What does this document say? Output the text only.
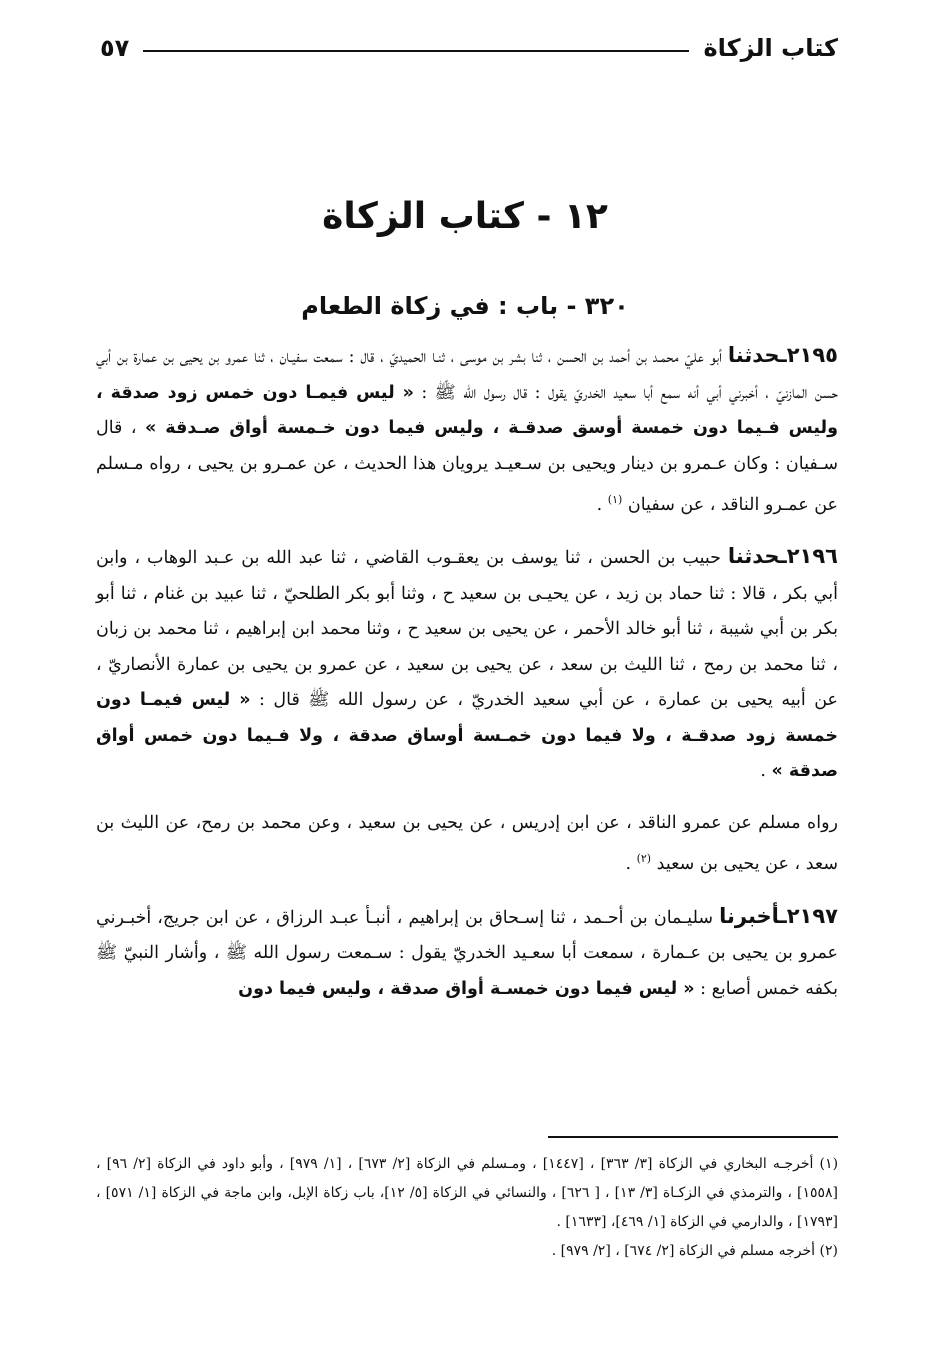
كتاب الزكاة
٥٧
١٢ - كتاب الزكاة
٣٢٠ - باب : في زكاة الطعام

٢١٩٥ـحدثنا أبو عليّ محمـد بن أحمد بن الحسن ، ثنا بشر بن موسى ، ثنـا الحميديّ ، قال : سمعت سفيـان ، ثنا عمرو بن يحيى بن عمارة بن أبي حسن المازنيّ ، أخبرني أبي أنه سمع أبا سعيد الخدريّ يقول : قال رسول الله ﷺ : « ليس فيمـا دون خمس زود صدقة ، وليس فـيما دون خمسة أوسق صدقـة ، وليس فيما دون خـمسة أواق صـدقة » ، قال سـفيان : وكان عـمرو بن دينار ويحيى بن سـعيـد يرويان هذا الحديث ، عن عمـرو بن يحيى ، رواه مـسلم عن عمـرو الناقد ، عن سفيان $^{(١)}$ .

٢١٩٦ـحدثنا حبيب بن الحسن ، ثنا يوسف بن يعقـوب القاضي ، ثنا عبد الله بن عـبد الوهاب ، وابن أبي بكر ، قالا : ثنا حماد بن زيد ، عن يحيـى بن سعيد ح ، وثنا أبو بكر الطلحيّ ، ثنا عبيد بن غنام ، ثنا أبو بكر بن أبي شيبة ، ثنا أبو خالد الأحمر ، عن يحيى بن سعيد ح ، وثنا محمد ابن إبراهيم ، ثنا محمد بن زبان ، ثنا محمد بن رمح ، ثنا الليث بن سعد ، عن يحيى بن سعيد ، عن عمرو بن يحيى بن عمارة الأنصاريّ ، عن أبيه يحيى بن عمارة ، عن أبي سعيد الخدريّ ، عن رسول الله ﷺ قال : « ليس فيمـا دون خمسة زود صدقـة ، ولا فيما دون خمـسة أوساق صدقة ، ولا فـيما دون خمس أواق صدقة » .

رواه مسلم عن عمرو الناقد ، عن ابن إدريس ، عن يحيى بن سعيد ، وعن محمد بن رمح، عن الليث بن سعد ، عن يحيى بن سعيد $^{(٢)}$ .

٢١٩٧ـأخبرنا سليـمان بن أحـمد ، ثنا إسـحاق بن إبراهيم ، أنبـأ عبـد الرزاق ، عن ابن جريج، أخبـرني عمرو بن يحيى بن عـمارة ، سمعت أبا سعـيد الخدريّ يقول : سـمعت رسول الله ﷺ ، وأشار النبيّ ﷺ بكفه خمس أصابع : « ليس فيما دون خمسـة أواق صدقة ، وليس فيما دون

(١) أخرجـه البخاري في الزكاة [٣/ ٣٦٣] ، [١٤٤٧] ، ومـسلم في الزكاة [٢/ ٦٧٣] ، [١/ ٩٧٩] ، وأبو داود في الزكاة [٢/ ٩٦] ، [١٥٥٨] ، والترمذي في الزكـاة [٣/ ١٣] ، [ ٦٢٦] ، والنسائي في الزكاة [٥/ ١٢]، باب زكاة الإبل، وابن ماجة في الزكاة [١/ ٥٧١] ، [١٧٩٣] ، والدارمي في الزكاة [١/ ٤٦٩]، [١٦٣٣] .

(٢) أخرجه مسلم في الزكاة [٢/ ٦٧٤] ، [٢/ ٩٧٩] .
